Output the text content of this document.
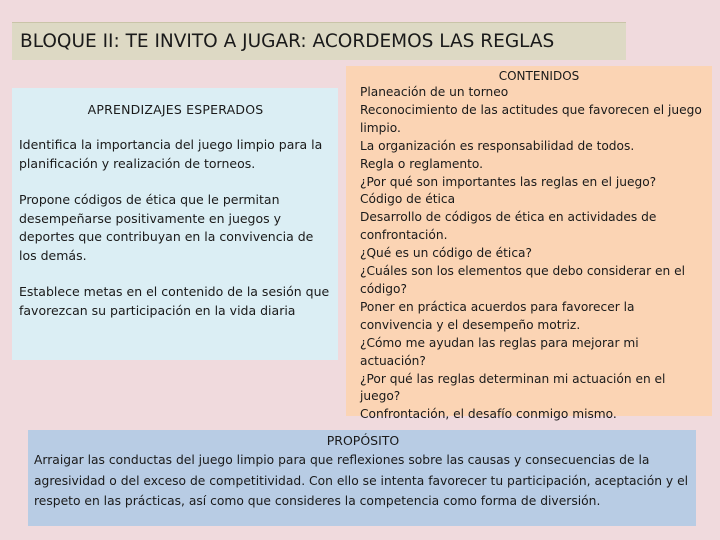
BLOQUE II: TE INVITO A JUGAR: ACORDEMOS LAS REGLAS
APRENDIZAJES ESPERADOS

Identifica la importancia del juego limpio para la planificación y realización de torneos.

Propone códigos de ética que le permitan desempeñarse positivamente en juegos y deportes que contribuyan en la convivencia de los demás.

Establece metas en el contenido de la sesión que favorezcan su participación en la vida diaria

CONTENIDOS
Planeación de un torneo
Reconocimiento de las actitudes que favorecen el juego limpio.
La organización es responsabilidad de todos.
Regla o reglamento.
¿Por qué son importantes las reglas en el juego?
Código de ética
Desarrollo de códigos de ética en actividades de confrontación.
¿Qué es un código de ética?
¿Cuáles son los elementos que debo considerar en el código?
Poner en práctica acuerdos para favorecer la convivencia y el desempeño motriz.
¿Cómo me ayudan las reglas para mejorar mi actuación?
¿Por qué las reglas determinan mi actuación en el juego?
Confrontación, el desafío conmigo mismo.
PROPÓSITO

Arraigar las conductas del juego limpio para que reflexiones sobre las causas y consecuencias de la agresividad o del exceso de competitividad. Con ello se intenta favorecer tu participación, aceptación y el respeto en las prácticas, así como que consideres la competencia como forma de diversión.
